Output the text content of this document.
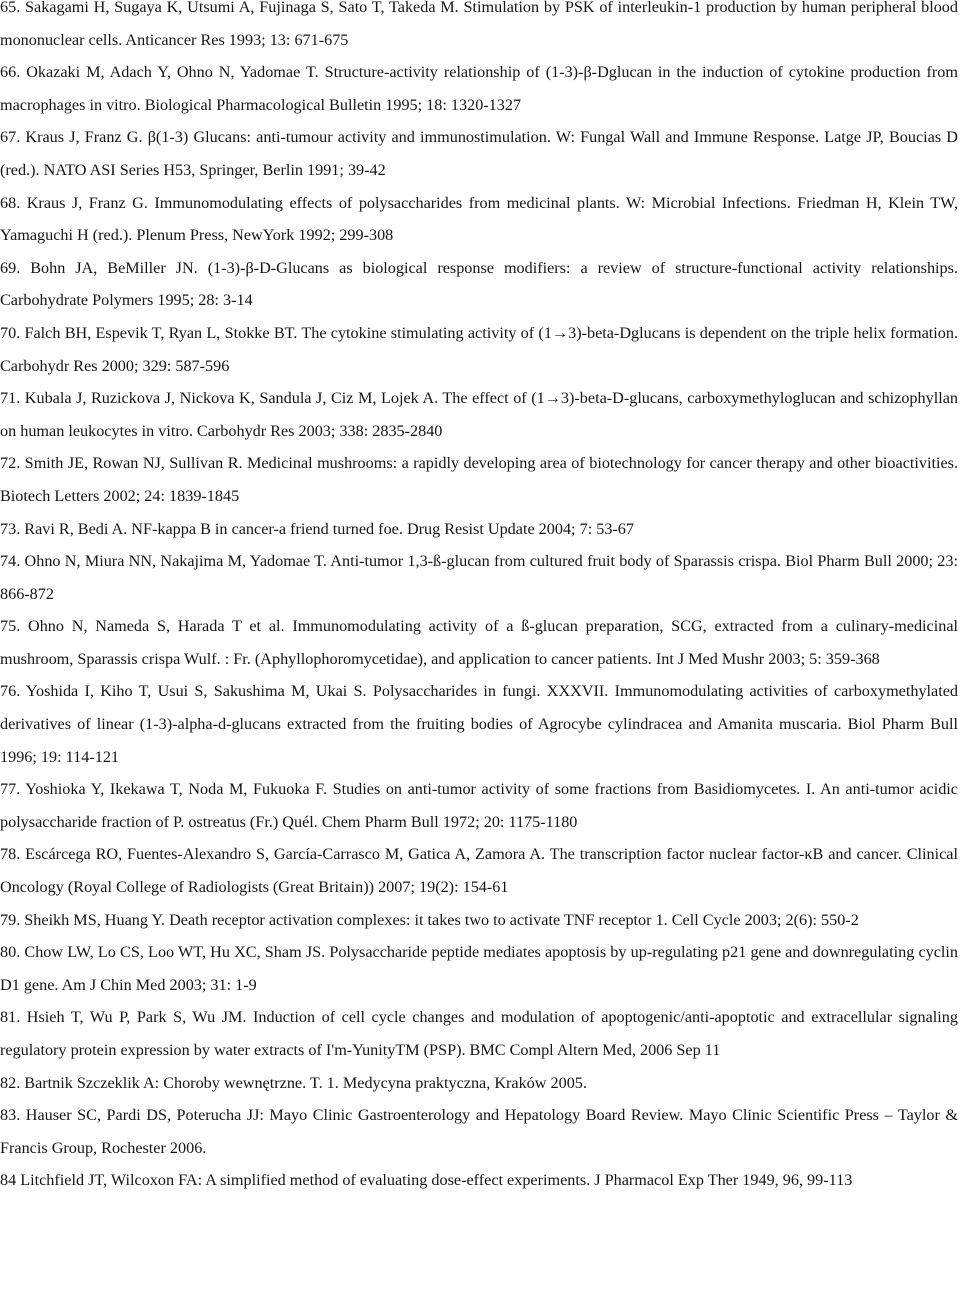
65. Sakagami H, Sugaya K, Utsumi A, Fujinaga S, Sato T, Takeda M. Stimulation by PSK of interleukin-1 production by human peripheral blood mononuclear cells. Anticancer Res 1993; 13: 671-675
66. Okazaki M, Adach Y, Ohno N, Yadomae T. Structure-activity relationship of (1-3)-β-Dglucan in the induction of cytokine production from macrophages in vitro. Biological Pharmacological Bulletin 1995; 18: 1320-1327
67. Kraus J, Franz G. β(1-3) Glucans: anti-tumour activity and immunostimulation. W: Fungal Wall and Immune Response. Latge JP, Boucias D (red.). NATO ASI Series H53, Springer, Berlin 1991; 39-42
68. Kraus J, Franz G. Immunomodulating effects of polysaccharides from medicinal plants. W: Microbial Infections. Friedman H, Klein TW, Yamaguchi H (red.). Plenum Press, NewYork 1992; 299-308
69. Bohn JA, BeMiller JN. (1-3)-β-D-Glucans as biological response modifiers: a review of structure-functional activity relationships. Carbohydrate Polymers 1995; 28: 3-14
70. Falch BH, Espevik T, Ryan L, Stokke BT. The cytokine stimulating activity of (1→3)-beta-Dglucans is dependent on the triple helix formation. Carbohydr Res 2000; 329: 587-596
71. Kubala J, Ruzickova J, Nickova K, Sandula J, Ciz M, Lojek A. The effect of (1→3)-beta-D-glucans, carboxymethyloglucan and schizophyllan on human leukocytes in vitro. Carbohydr Res 2003; 338: 2835-2840
72. Smith JE, Rowan NJ, Sullivan R. Medicinal mushrooms: a rapidly developing area of biotechnology for cancer therapy and other bioactivities. Biotech Letters 2002; 24: 1839-1845
73. Ravi R, Bedi A. NF-kappa B in cancer-a friend turned foe. Drug Resist Update 2004; 7: 53-67
74. Ohno N, Miura NN, Nakajima M, Yadomae T. Anti-tumor 1,3-ß-glucan from cultured fruit body of Sparassis crispa. Biol Pharm Bull 2000; 23: 866-872
75. Ohno N, Nameda S, Harada T et al. Immunomodulating activity of a ß-glucan preparation, SCG, extracted from a culinary-medicinal mushroom, Sparassis crispa Wulf. : Fr. (Aphyllophoromycetidae), and application to cancer patients. Int J Med Mushr 2003; 5: 359-368
76. Yoshida I, Kiho T, Usui S, Sakushima M, Ukai S. Polysaccharides in fungi. XXXVII. Immunomodulating activities of carboxymethylated derivatives of linear (1-3)-alpha-d-glucans extracted from the fruiting bodies of Agrocybe cylindracea and Amanita muscaria. Biol Pharm Bull 1996; 19: 114-121
77. Yoshioka Y, Ikekawa T, Noda M, Fukuoka F. Studies on anti-tumor activity of some fractions from Basidiomycetes. I. An anti-tumor acidic polysaccharide fraction of P. ostreatus (Fr.) Quél. Chem Pharm Bull 1972; 20: 1175-1180
78. Escárcega RO, Fuentes-Alexandro S, García-Carrasco M, Gatica A, Zamora A. The transcription factor nuclear factor-κB and cancer. Clinical Oncology (Royal College of Radiologists (Great Britain)) 2007; 19(2): 154-61
79. Sheikh MS, Huang Y. Death receptor activation complexes: it takes two to activate TNF receptor 1. Cell Cycle 2003; 2(6): 550-2
80. Chow LW, Lo CS, Loo WT, Hu XC, Sham JS. Polysaccharide peptide mediates apoptosis by up-regulating p21 gene and downregulating cyclin D1 gene. Am J Chin Med 2003; 31: 1-9
81. Hsieh T, Wu P, Park S, Wu JM. Induction of cell cycle changes and modulation of apoptogenic/anti-apoptotic and extracellular signaling regulatory protein expression by water extracts of I'm-YunityTM (PSP). BMC Compl Altern Med, 2006 Sep 11
82. Bartnik Szczeklik A: Choroby wewnętrzne. T. 1. Medycyna praktyczna, Kraków 2005.
83. Hauser SC, Pardi DS, Poterucha JJ: Mayo Clinic Gastroenterology and Hepatology Board Review. Mayo Clinic Scientific Press – Taylor & Francis Group, Rochester 2006.
84 Litchfield JT, Wilcoxon FA: A simplified method of evaluating dose-effect experiments. J Pharmacol Exp Ther 1949, 96, 99-113
